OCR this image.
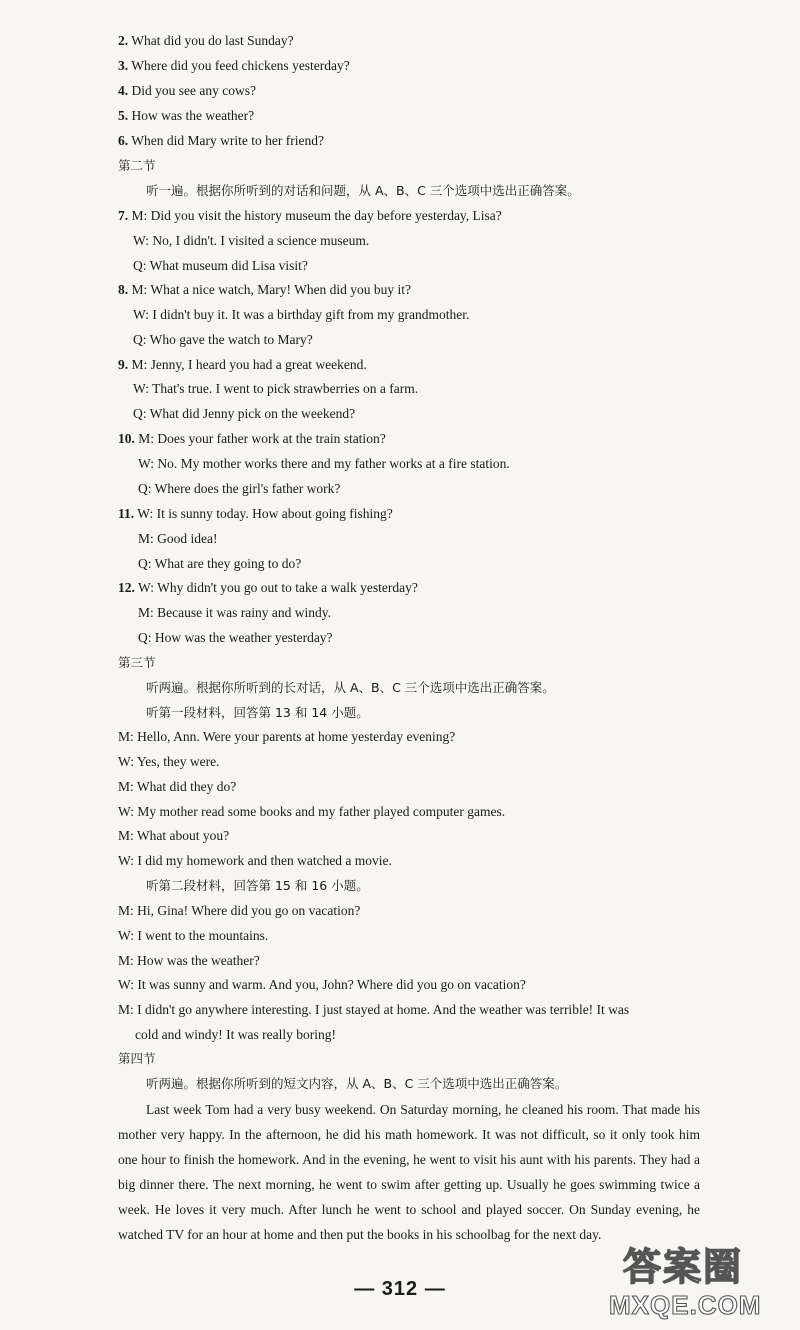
2. What did you do last Sunday?
3. Where did you feed chickens yesterday?
4. Did you see any cows?
5. How was the weather?
6. When did Mary write to her friend?
第二节
听一遍。根据你所听到的对话和问题，从 A、B、C 三个选项中选出正确答案。
7. M: Did you visit the history museum the day before yesterday, Lisa?
W: No, I didn't. I visited a science museum.
Q: What museum did Lisa visit?
8. M: What a nice watch, Mary! When did you buy it?
W: I didn't buy it. It was a birthday gift from my grandmother.
Q: Who gave the watch to Mary?
9. M: Jenny, I heard you had a great weekend.
W: That's true. I went to pick strawberries on a farm.
Q: What did Jenny pick on the weekend?
10. M: Does your father work at the train station?
W: No. My mother works there and my father works at a fire station.
Q: Where does the girl's father work?
11. W: It is sunny today. How about going fishing?
M: Good idea!
Q: What are they going to do?
12. W: Why didn't you go out to take a walk yesterday?
M: Because it was rainy and windy.
Q: How was the weather yesterday?
第三节
听两遍。根据你所听到的长对话，从 A、B、C 三个选项中选出正确答案。
听第一段材料，回答第 13 和 14 小题。
M: Hello, Ann. Were your parents at home yesterday evening?
W: Yes, they were.
M: What did they do?
W: My mother read some books and my father played computer games.
M: What about you?
W: I did my homework and then watched a movie.
听第二段材料，回答第 15 和 16 小题。
M: Hi, Gina! Where did you go on vacation?
W: I went to the mountains.
M: How was the weather?
W: It was sunny and warm. And you, John? Where did you go on vacation?
M: I didn't go anywhere interesting. I just stayed at home. And the weather was terrible! It was
cold and windy! It was really boring!
第四节
听两遍。根据你所听到的短文内容，从 A、B、C 三个选项中选出正确答案。
Last week Tom had a very busy weekend. On Saturday morning, he cleaned his room. That made his mother very happy. In the afternoon, he did his math homework. It was not difficult, so it only took him one hour to finish the homework. And in the evening, he went to visit his aunt with his parents. They had a big dinner there. The next morning, he went to swim after getting up. Usually he goes swimming twice a week. He loves it very much. After lunch he went to school and played soccer. On Sunday evening, he watched TV for an hour at home and then put the books in his schoolbag for the next day.
— 312 —	答案圈
MXQE.COM
